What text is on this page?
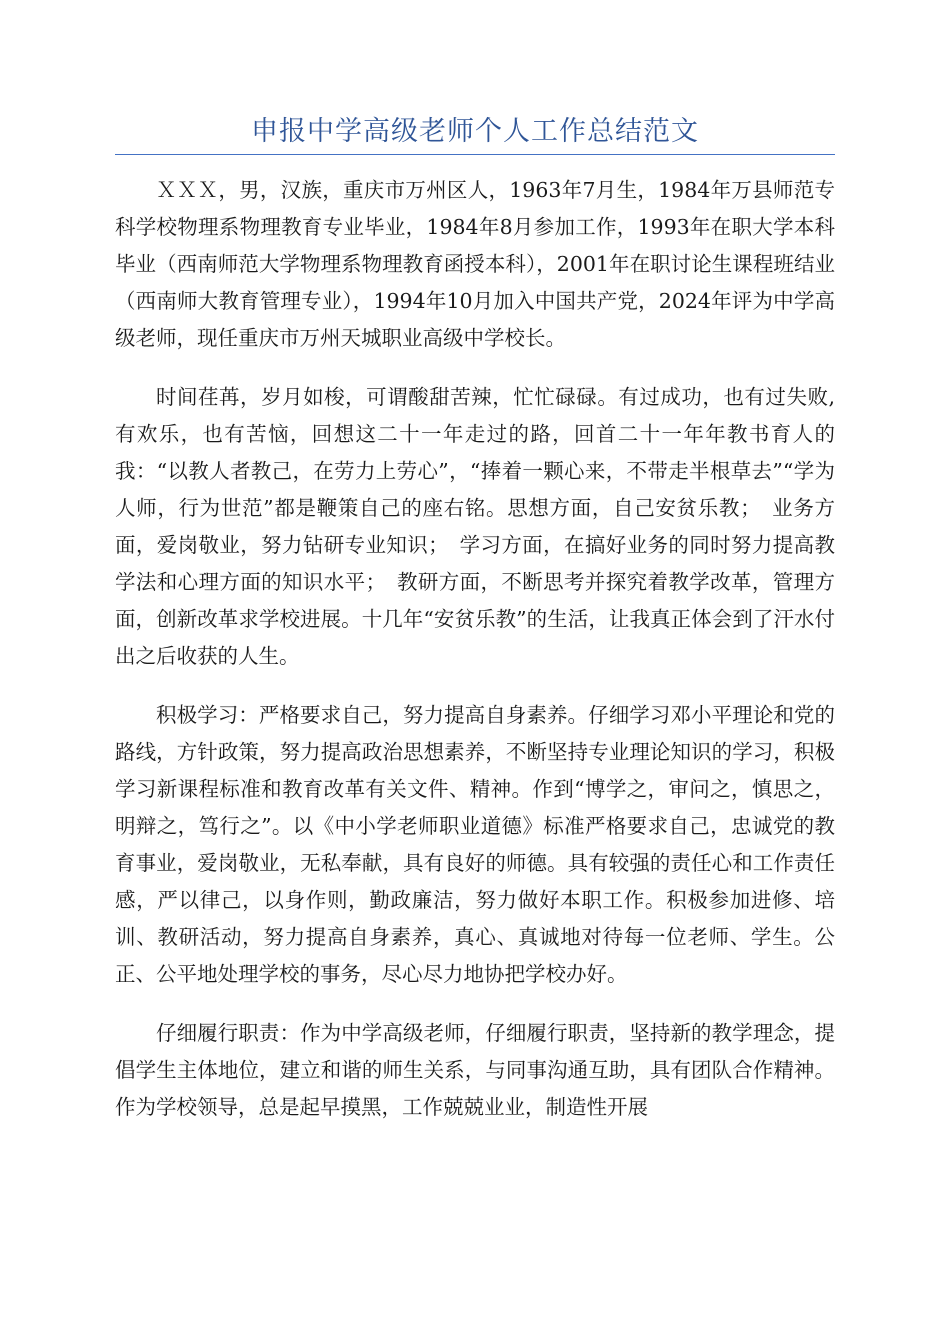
申报中学高级老师个人工作总结范文

ＸＸＸ，男，汉族，重庆市万州区人，1963年7月生，1984年万县师范专科学校物理系物理教育专业毕业，1984年8月参加工作，1993年在职大学本科毕业（西南师范大学物理系物理教育函授本科），2001年在职讨论生课程班结业（西南师大教育管理专业），1994年10月加入中国共产党，2024年评为中学高级老师，现任重庆市万州天城职业高级中学校长。

时间荏苒，岁月如梭，可谓酸甜苦辣，忙忙碌碌。有过成功，也有过失败,有欢乐，也有苦恼，回想这二十一年走过的路，回首二十一年年教书育人的我：“以教人者教己，在劳力上劳心”，“捧着一颗心来，不带走半根草去”“学为人师，行为世范”都是鞭策自己的座右铭。思想方面，自己安贫乐教；　业务方面，爱岗敬业，努力钻研专业知识；　学习方面，在搞好业务的同时努力提高教学法和心理方面的知识水平；　教研方面，不断思考并探究着教学改革，管理方面，创新改革求学校进展。十几年“安贫乐教”的生活，让我真正体会到了汗水付出之后收获的人生。

积极学习：严格要求自己，努力提高自身素养。仔细学习邓小平理论和党的路线，方针政策，努力提高政治思想素养，不断坚持专业理论知识的学习，积极学习新课程标准和教育改革有关文件、精神。作到“博学之，审问之，慎思之，明辩之，笃行之”。以《中小学老师职业道德》标准严格要求自己，忠诚党的教育事业，爱岗敬业，无私奉献，具有良好的师德。具有较强的责任心和工作责任感，严以律己，以身作则，勤政廉洁，努力做好本职工作。积极参加进修、培训、教研活动，努力提高自身素养，真心、真诚地对待每一位老师、学生。公正、公平地处理学校的事务，尽心尽力地协把学校办好。

仔细履行职责：作为中学高级老师，仔细履行职责，坚持新的教学理念，提倡学生主体地位，建立和谐的师生关系，与同事沟通互助，具有团队合作精神。作为学校领导，总是起早摸黑，工作兢兢业业，制造性开展
